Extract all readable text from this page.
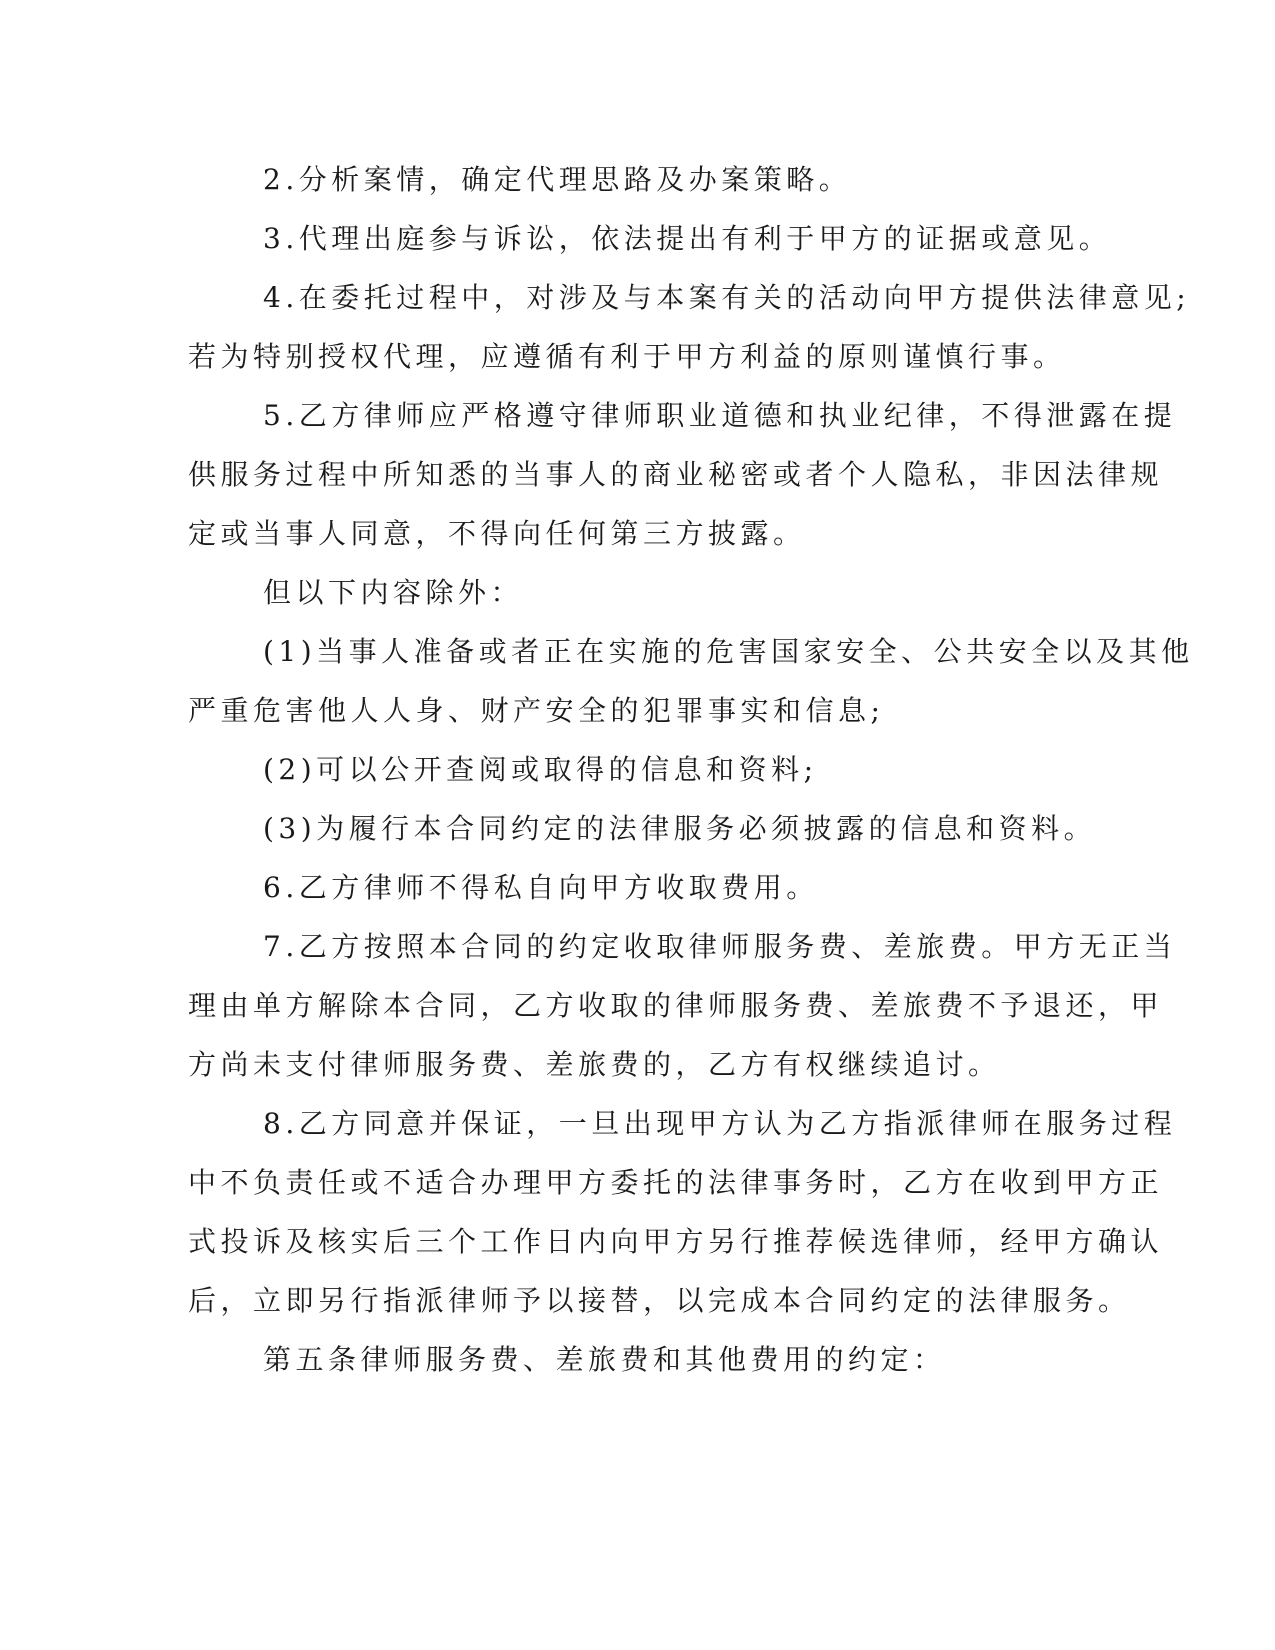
2.分析案情，确定代理思路及办案策略。
3.代理出庭参与诉讼，依法提出有利于甲方的证据或意见。
4.在委托过程中，对涉及与本案有关的活动向甲方提供法律意见;
若为特别授权代理，应遵循有利于甲方利益的原则谨慎行事。
5.乙方律师应严格遵守律师职业道德和执业纪律，不得泄露在提
供服务过程中所知悉的当事人的商业秘密或者个人隐私，非因法律规
定或当事人同意，不得向任何第三方披露。
但以下内容除外：
(1)当事人准备或者正在实施的危害国家安全、公共安全以及其他
严重危害他人人身、财产安全的犯罪事实和信息;
(2)可以公开查阅或取得的信息和资料;
(3)为履行本合同约定的法律服务必须披露的信息和资料。
6.乙方律师不得私自向甲方收取费用。
7.乙方按照本合同的约定收取律师服务费、差旅费。甲方无正当
理由单方解除本合同，乙方收取的律师服务费、差旅费不予退还，甲
方尚未支付律师服务费、差旅费的，乙方有权继续追讨。
8.乙方同意并保证，一旦出现甲方认为乙方指派律师在服务过程
中不负责任或不适合办理甲方委托的法律事务时，乙方在收到甲方正
式投诉及核实后三个工作日内向甲方另行推荐候选律师，经甲方确认
后，立即另行指派律师予以接替，以完成本合同约定的法律服务。
第五条律师服务费、差旅费和其他费用的约定：
